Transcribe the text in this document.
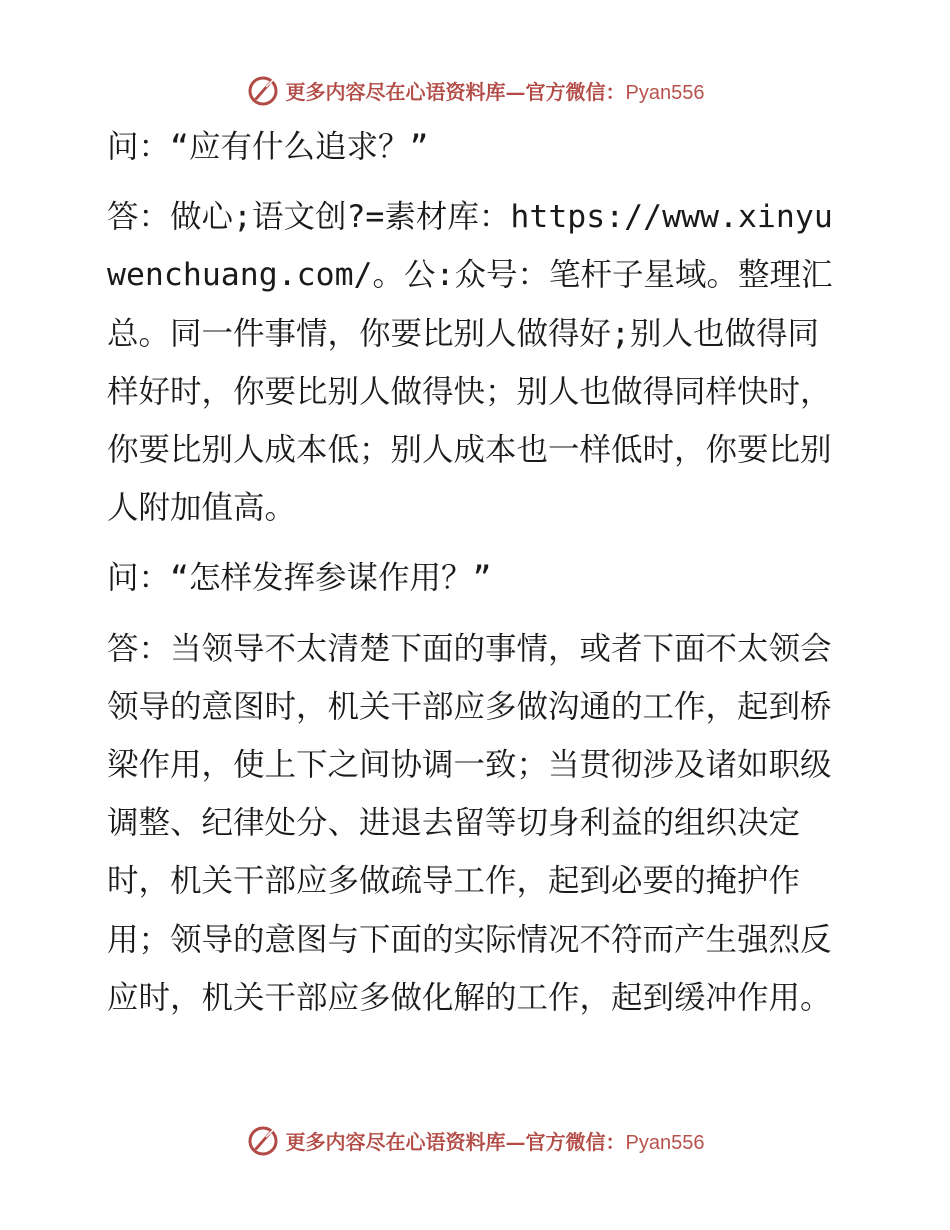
更多内容尽在心语资料库—官方微信：Pyan556

问：“应有什么追求？”

答：做心;语文创?=素材库：https://www.xinyuwenchuang.com/。公:众号：笔杆子星域。整理汇总。同一件事情，你要比别人做得好;别人也做得同样好时，你要比别人做得快；别人也做得同样快时，你要比别人成本低；别人成本也一样低时，你要比别人附加值高。

问：“怎样发挥参谋作用？”

答：当领导不太清楚下面的事情，或者下面不太领会领导的意图时，机关干部应多做沟通的工作，起到桥梁作用，使上下之间协调一致；当贯彻涉及诸如职级调整、纪律处分、进退去留等切身利益的组织决定时，机关干部应多做疏导工作，起到必要的掩护作用；领导的意图与下面的实际情况不符而产生强烈反应时，机关干部应多做化解的工作，起到缓冲作用。

更多内容尽在心语资料库—官方微信：Pyan556
